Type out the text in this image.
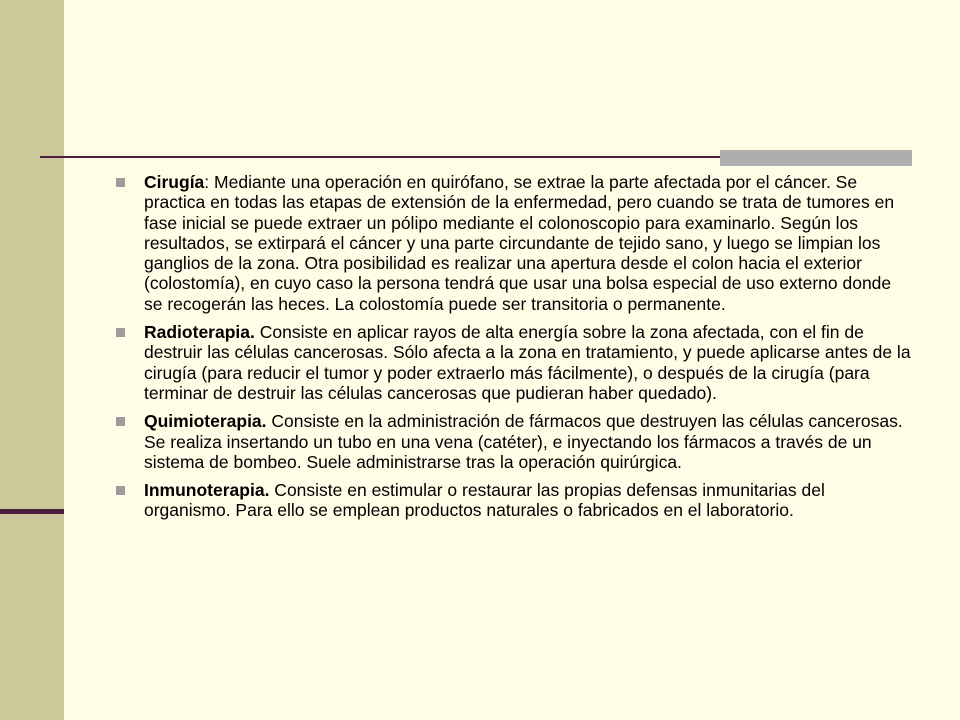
Cirugía: Mediante una operación en quirófano, se extrae la parte afectada por el cáncer. Se practica en todas las etapas de extensión de la enfermedad, pero cuando se trata de tumores en fase inicial se puede extraer un pólipo mediante el colonoscopio para examinarlo. Según los resultados, se extirpará el cáncer y una parte circundante de tejido sano, y luego se limpian los ganglios de la zona. Otra posibilidad es realizar una apertura desde el colon hacia el exterior (colostomía), en cuyo caso la persona tendrá que usar una bolsa especial de uso externo donde se recogerán las heces. La colostomía puede ser transitoria o permanente.
Radioterapia. Consiste en aplicar rayos de alta energía sobre la zona afectada, con el fin de destruir las células cancerosas. Sólo afecta a la zona en tratamiento, y puede aplicarse antes de la cirugía (para reducir el tumor y poder extraerlo más fácilmente), o después de la cirugía (para terminar de destruir las células cancerosas que pudieran haber quedado).
Quimioterapia. Consiste en la administración de fármacos que destruyen las células cancerosas. Se realiza insertando un tubo en una vena (catéter), e inyectando los fármacos a través de un sistema de bombeo. Suele administrarse tras la operación quirúrgica.
Inmunoterapia. Consiste en estimular o restaurar las propias defensas inmunitarias del organismo. Para ello se emplean productos naturales o fabricados en el laboratorio.
